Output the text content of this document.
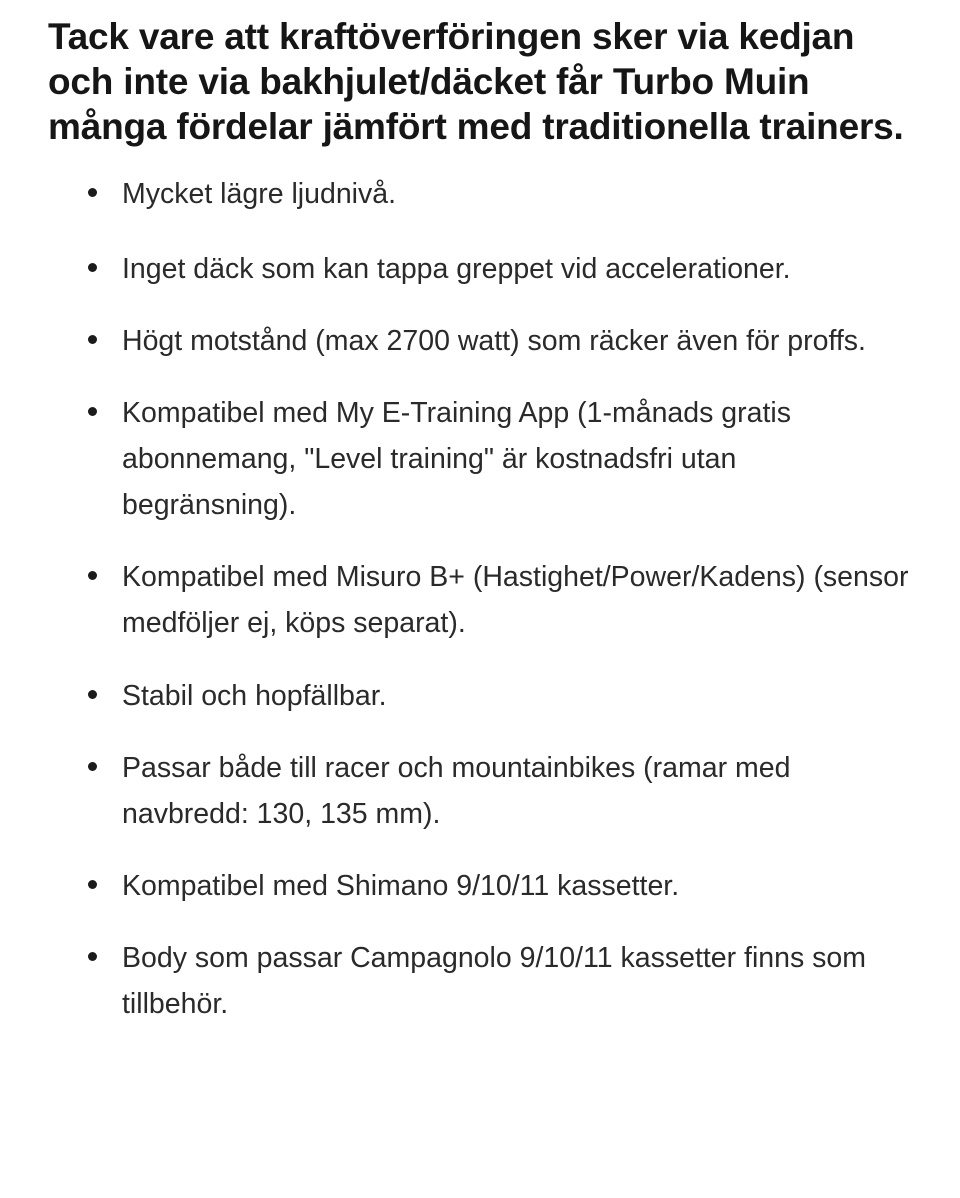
Tack vare att kraftöverföringen sker via kedjan och inte via bakhjulet/däcket får Turbo Muin många fördelar jämfört med traditionella trainers.

Mycket lägre ljudnivå.
Inget däck som kan tappa greppet vid accelerationer.
Högt motstånd (max 2700 watt) som räcker även för proffs.
Kompatibel med My E-Training App (1-månads gratis abonnemang, "Level training" är kostnadsfri utan begränsning).
Kompatibel med Misuro B+ (Hastighet/Power/Kadens) (sensor medföljer ej, köps separat).
Stabil och hopfällbar.
Passar både till racer och mountainbikes (ramar med navbredd: 130, 135 mm).
Kompatibel med Shimano 9/10/11 kassetter.
Body som passar Campagnolo 9/10/11 kassetter finns som tillbehör.
